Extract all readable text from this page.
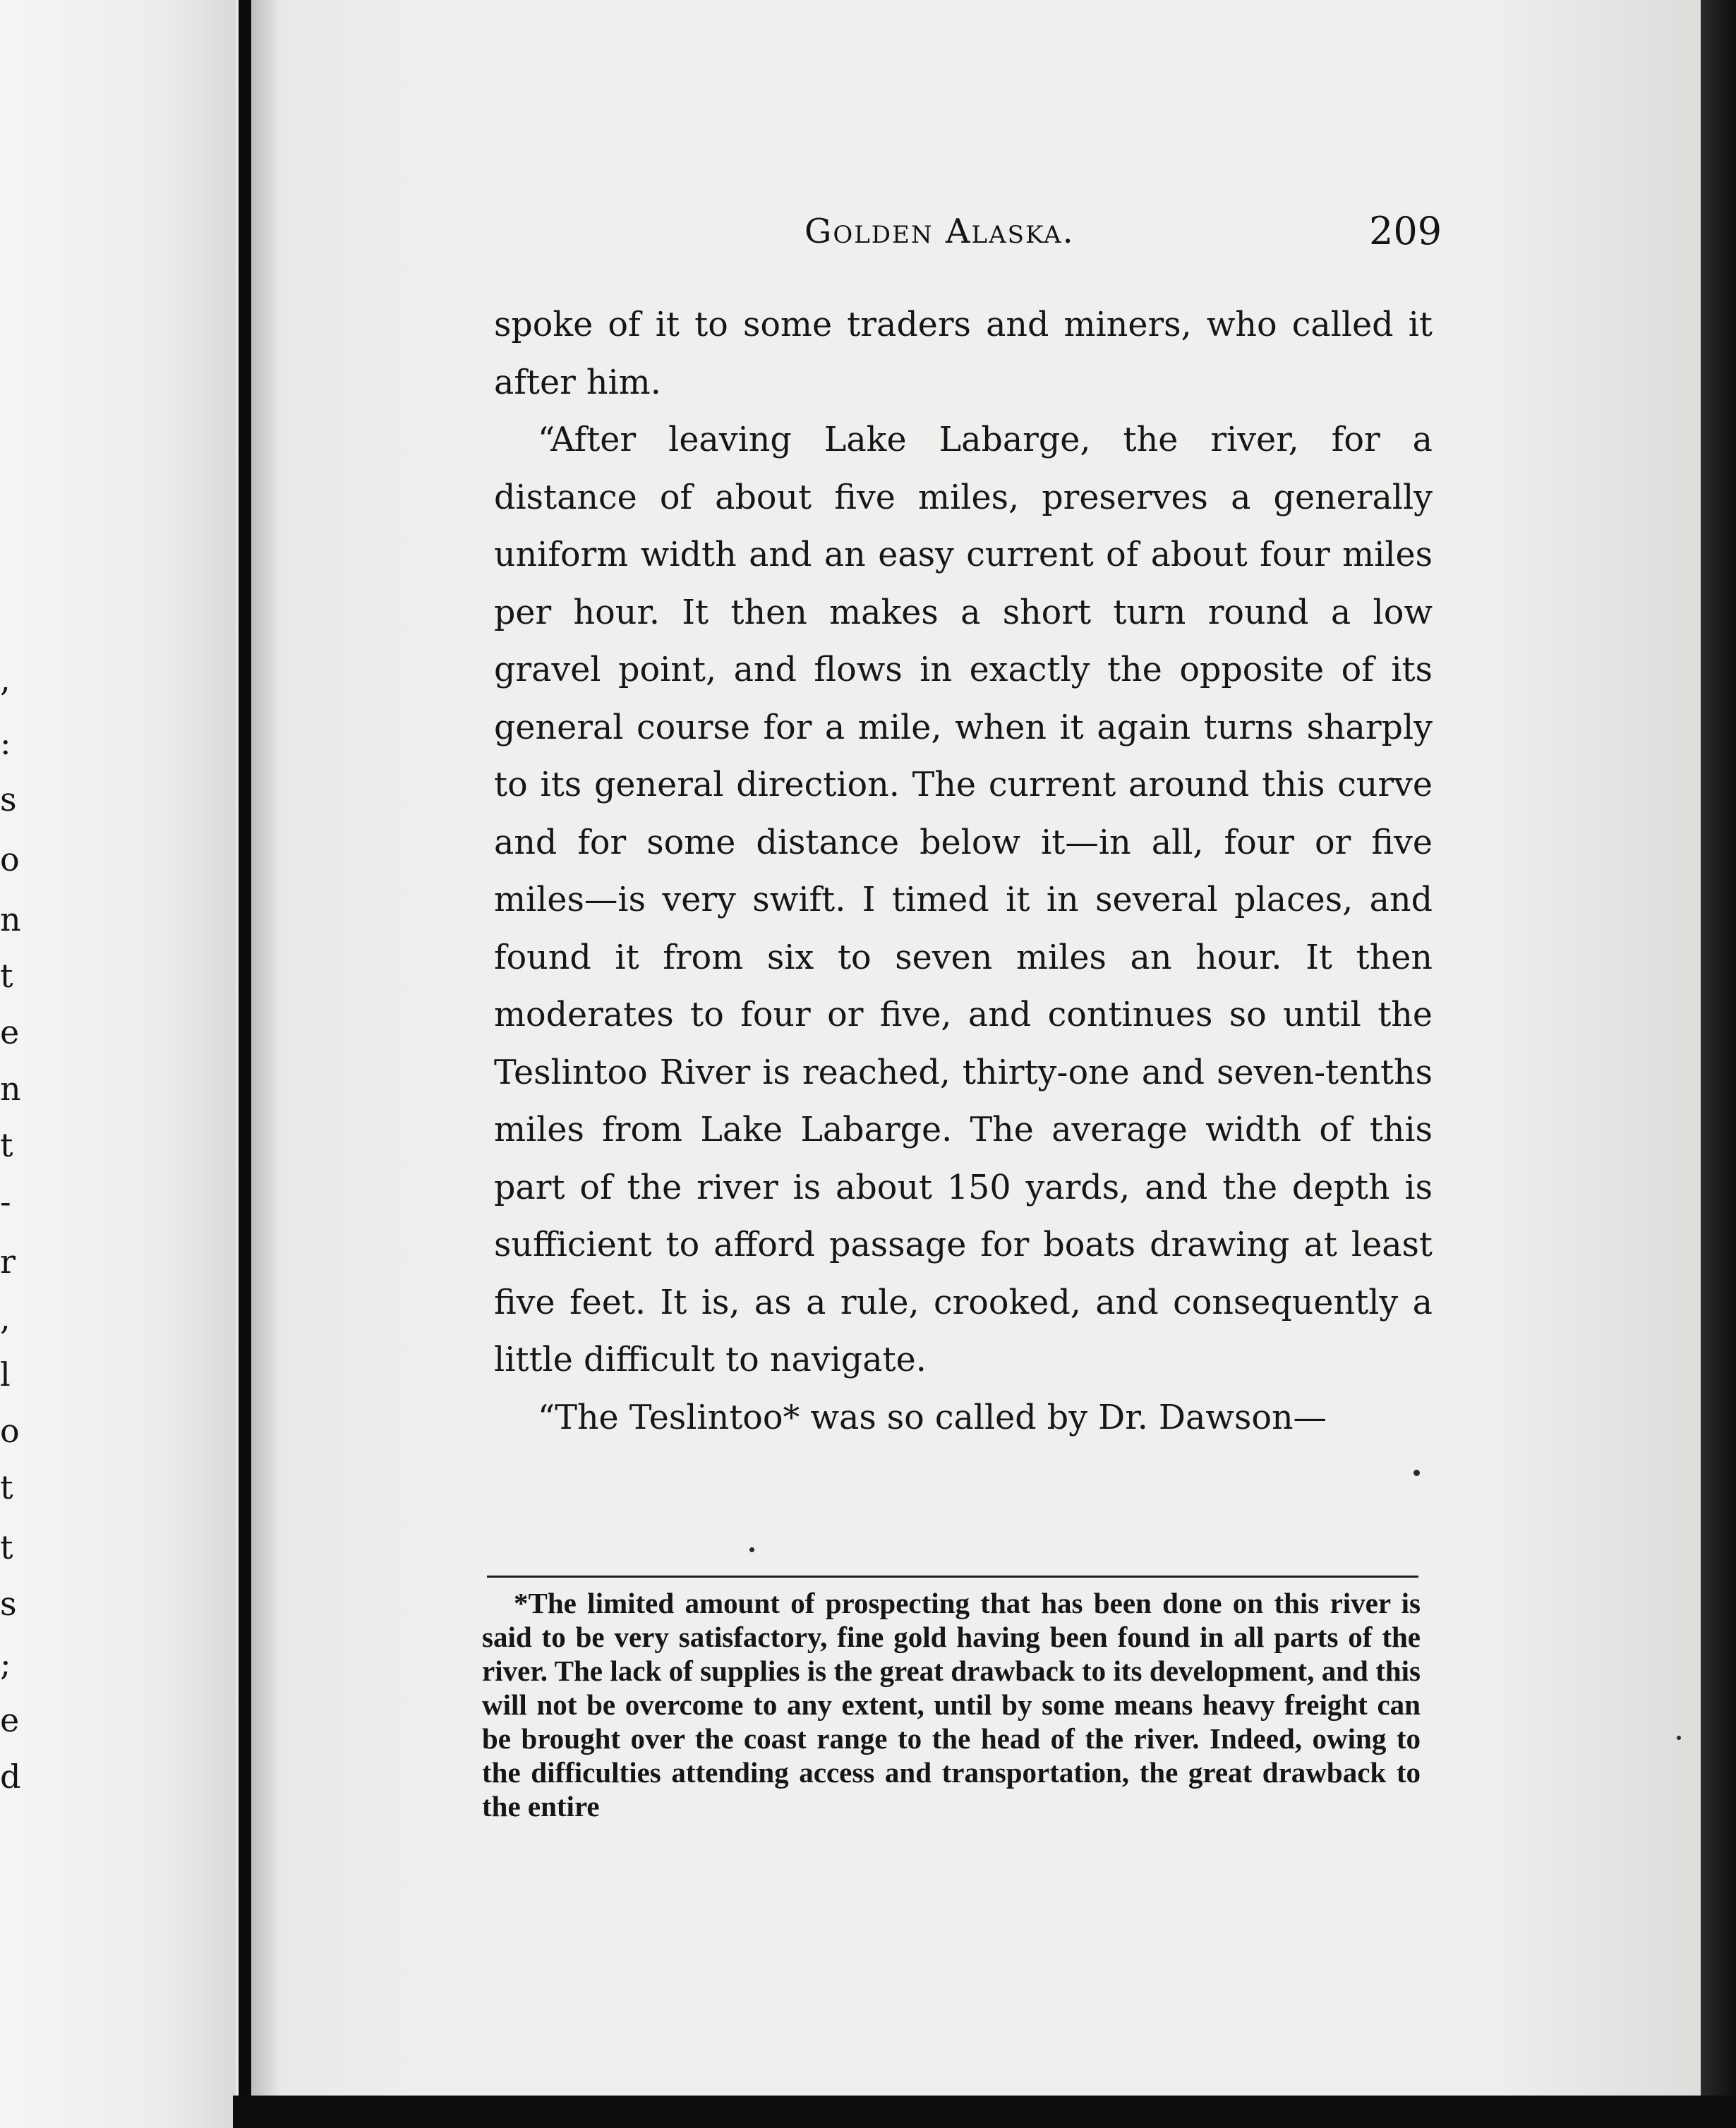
,
:
s
o
n
t
e
n
t
-
r
,
l
o
t
t
s
;
e
d
Golden Alaska.	209

spoke of it to some traders and miners, who called it after him.

“After leaving Lake Labarge, the river, for a distance of about five miles, preserves a generally uniform width and an easy current of about four miles per hour. It then makes a short turn round a low gravel point, and flows in exactly the opposite of its general course for a mile, when it again turns sharply to its general direction. The current around this curve and for some distance below it—in all, four or five miles—is very swift. I timed it in several places, and found it from six to seven miles an hour. It then moderates to four or five, and continues so until the Teslintoo River is reached, thirty-one and seven-tenths miles from Lake Labarge. The average width of this part of the river is about 150 yards, and the depth is sufficient to afford passage for boats drawing at least five feet. It is, as a rule, crooked, and consequently a little difficult to navigate.

“The Teslintoo* was so called by Dr. Dawson—

*The limited amount of prospecting that has been done on this river is said to be very satisfactory, fine gold having been found in all parts of the river. The lack of supplies is the great drawback to its development, and this will not be overcome to any extent, until by some means heavy freight can be brought over the coast range to the head of the river. Indeed, owing to the difficulties attending access and transportation, the great drawback to the entire
